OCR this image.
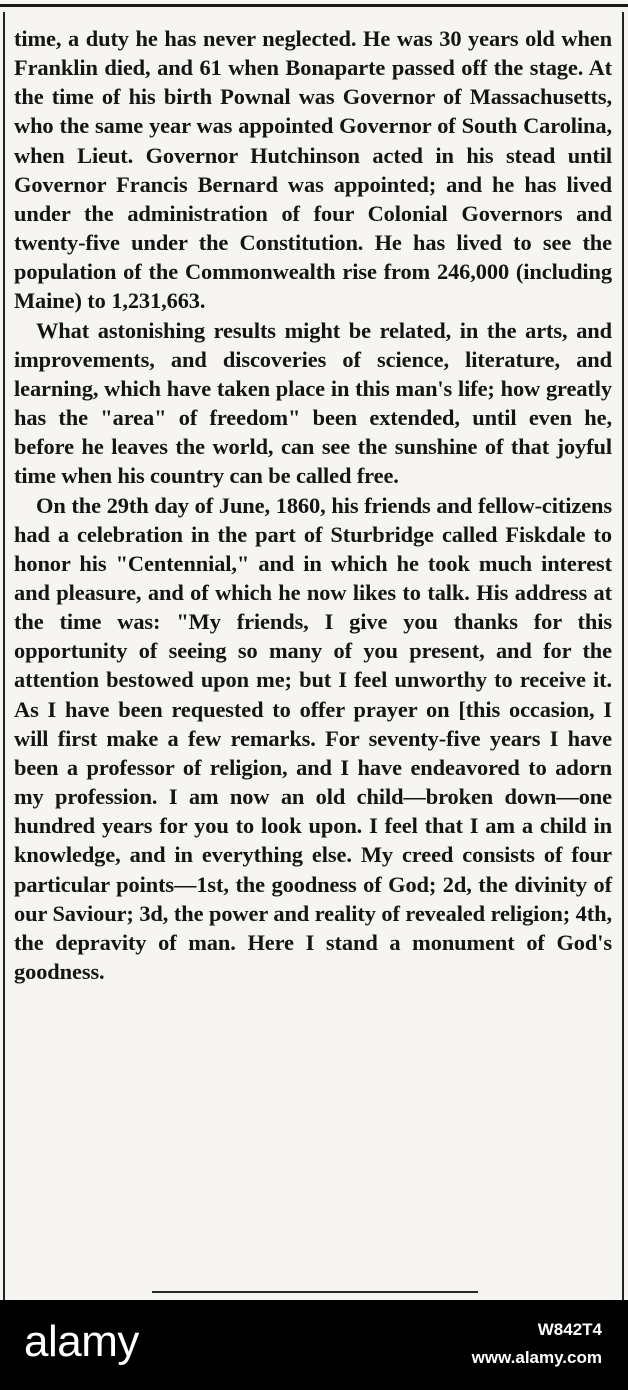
time, a duty he has never neglected. He was 30 years old when Franklin died, and 61 when Bonaparte passed off the stage. At the time of his birth Pownal was Governor of Massachusetts, who the same year was appointed Governor of South Carolina, when Lieut. Governor Hutchinson acted in his stead until Governor Francis Bernard was appointed; and he has lived under the administration of four Colonial Governors and twenty-five under the Constitution. He has lived to see the population of the Commonwealth rise from 246,000 (including Maine) to 1,231,663.

What astonishing results might be related, in the arts, and improvements, and discoveries of science, literature, and learning, which have taken place in this man's life; how greatly has the "area" of freedom" been extended, until even he, before he leaves the world, can see the sunshine of that joyful time when his country can be called free.

On the 29th day of June, 1860, his friends and fellow-citizens had a celebration in the part of Sturbridge called Fiskdale to honor his "Centennial," and in which he took much interest and pleasure, and of which he now likes to talk. His address at the time was: "My friends, I give you thanks for this opportunity of seeing so many of you present, and for the attention bestowed upon me; but I feel unworthy to receive it. As I have been requested to offer prayer on [this occasion, I will first make a few remarks. For seventy-five years I have been a professor of religion, and I have endeavored to adorn my profession. I am now an old child—broken down—one hundred years for you to look upon. I feel that I am a child in knowledge, and in everything else. My creed consists of four particular points—1st, the goodness of God; 2d, the divinity of our Saviour; 3d, the power and reality of revealed religion; 4th, the depravity of man. Here I stand a monument of God's goodness.

alamy	W842T4
www.alamy.com
